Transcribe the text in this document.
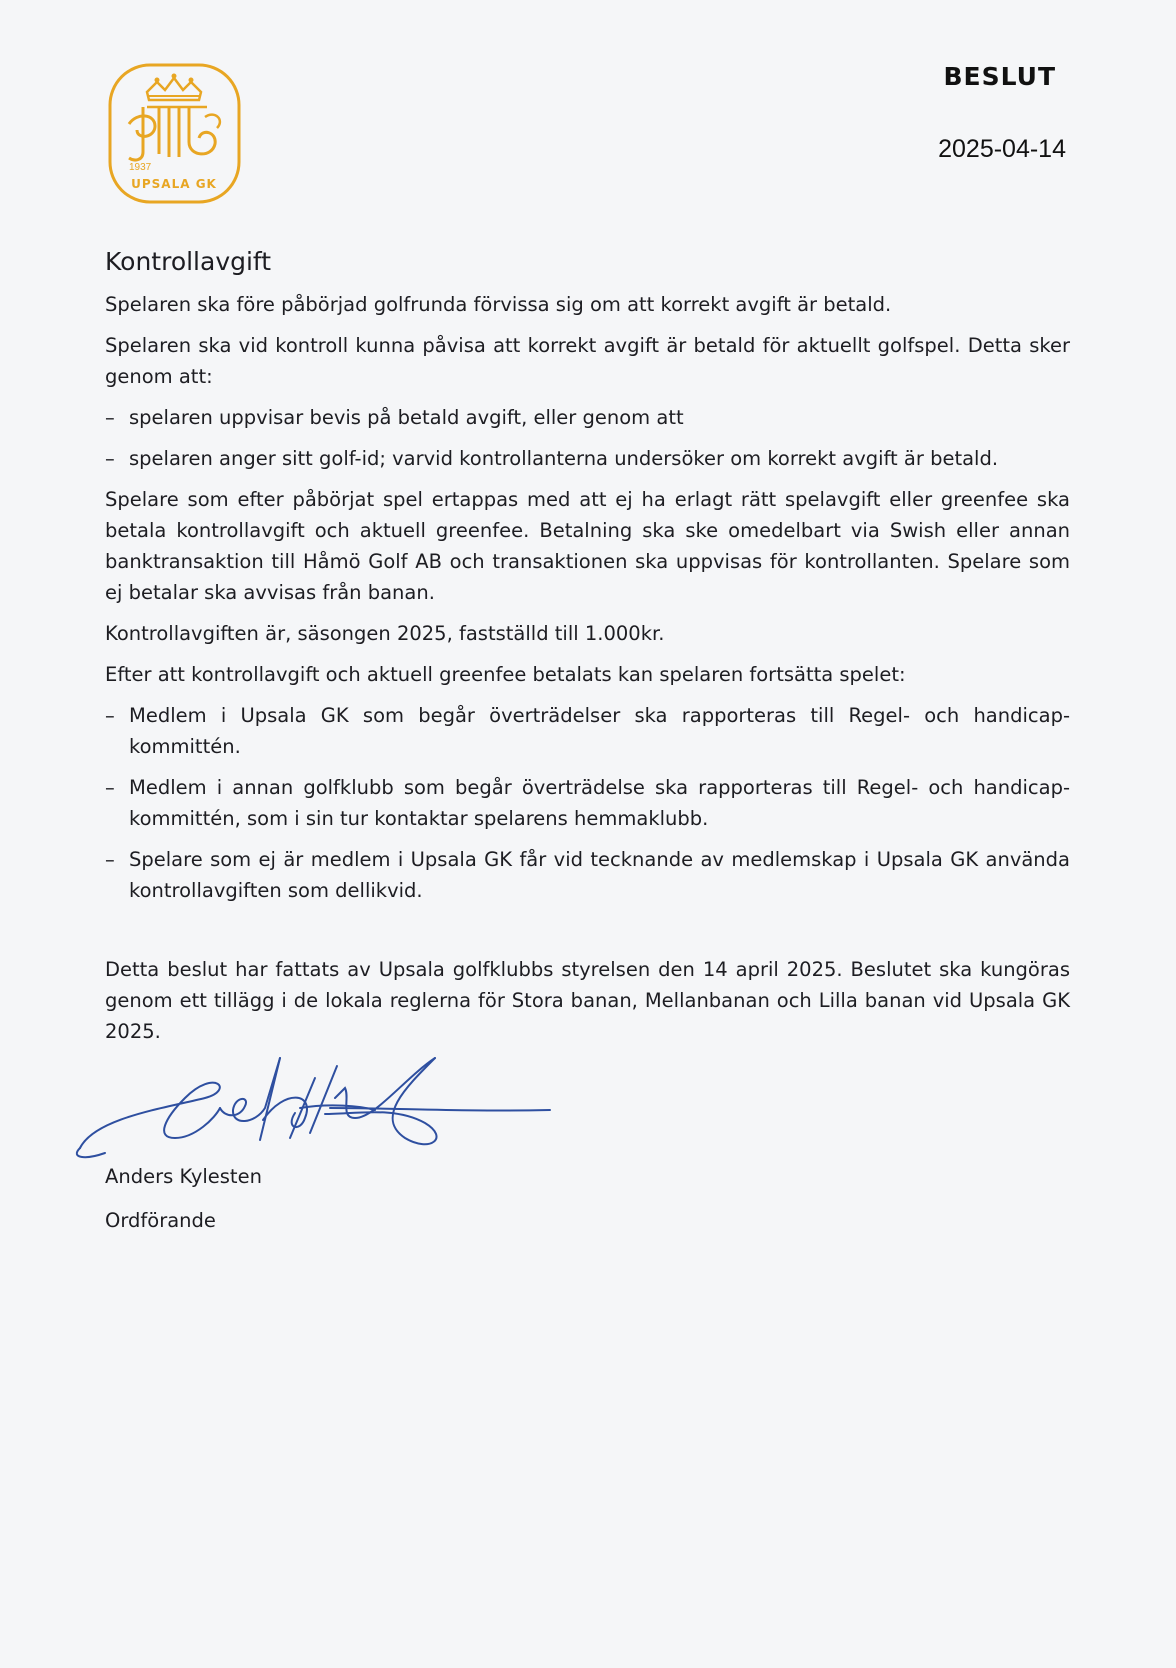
1937
UPSALA GK
BESLUT
2025-04-14
Kontrollavgift

Spelaren ska före påbörjad golfrunda förvissa sig om att korrekt avgift är betald.

Spelaren ska vid kontroll kunna påvisa att korrekt avgift är betald för aktuellt golfspel. Detta sker genom att:

– spelaren uppvisar bevis på betald avgift, eller genom att
– spelaren anger sitt golf-id; varvid kontrollanterna undersöker om korrekt avgift är betald.

Spelare som efter påbörjat spel ertappas med att ej ha erlagt rätt spelavgift eller greenfee ska betala kontrollavgift och aktuell greenfee. Betalning ska ske omedelbart via Swish eller annan banktransaktion till Håmö Golf AB och transaktionen ska uppvisas för kontrollanten. Spelare som ej betalar ska avvisas från banan.

Kontrollavgiften är, säsongen 2025, fastställd till 1.000kr.

Efter att kontrollavgift och aktuell greenfee betalats kan spelaren fortsätta spelet:

– Medlem i Upsala GK som begår överträdelser ska rapporteras till Regel- och handicap-kommittén.
– Medlem i annan golfklubb som begår överträdelse ska rapporteras till Regel- och handicap-kommittén, som i sin tur kontaktar spelarens hemmaklubb.
– Spelare som ej är medlem i Upsala GK får vid tecknande av medlemskap i Upsala GK använda kontrollavgiften som dellikvid.

Detta beslut har fattats av Upsala golfklubbs styrelsen den 14 april 2025. Beslutet ska kungöras genom ett tillägg i de lokala reglerna för Stora banan, Mellanbanan och Lilla banan vid Upsala GK 2025.

Anders Kylesten
Ordförande
